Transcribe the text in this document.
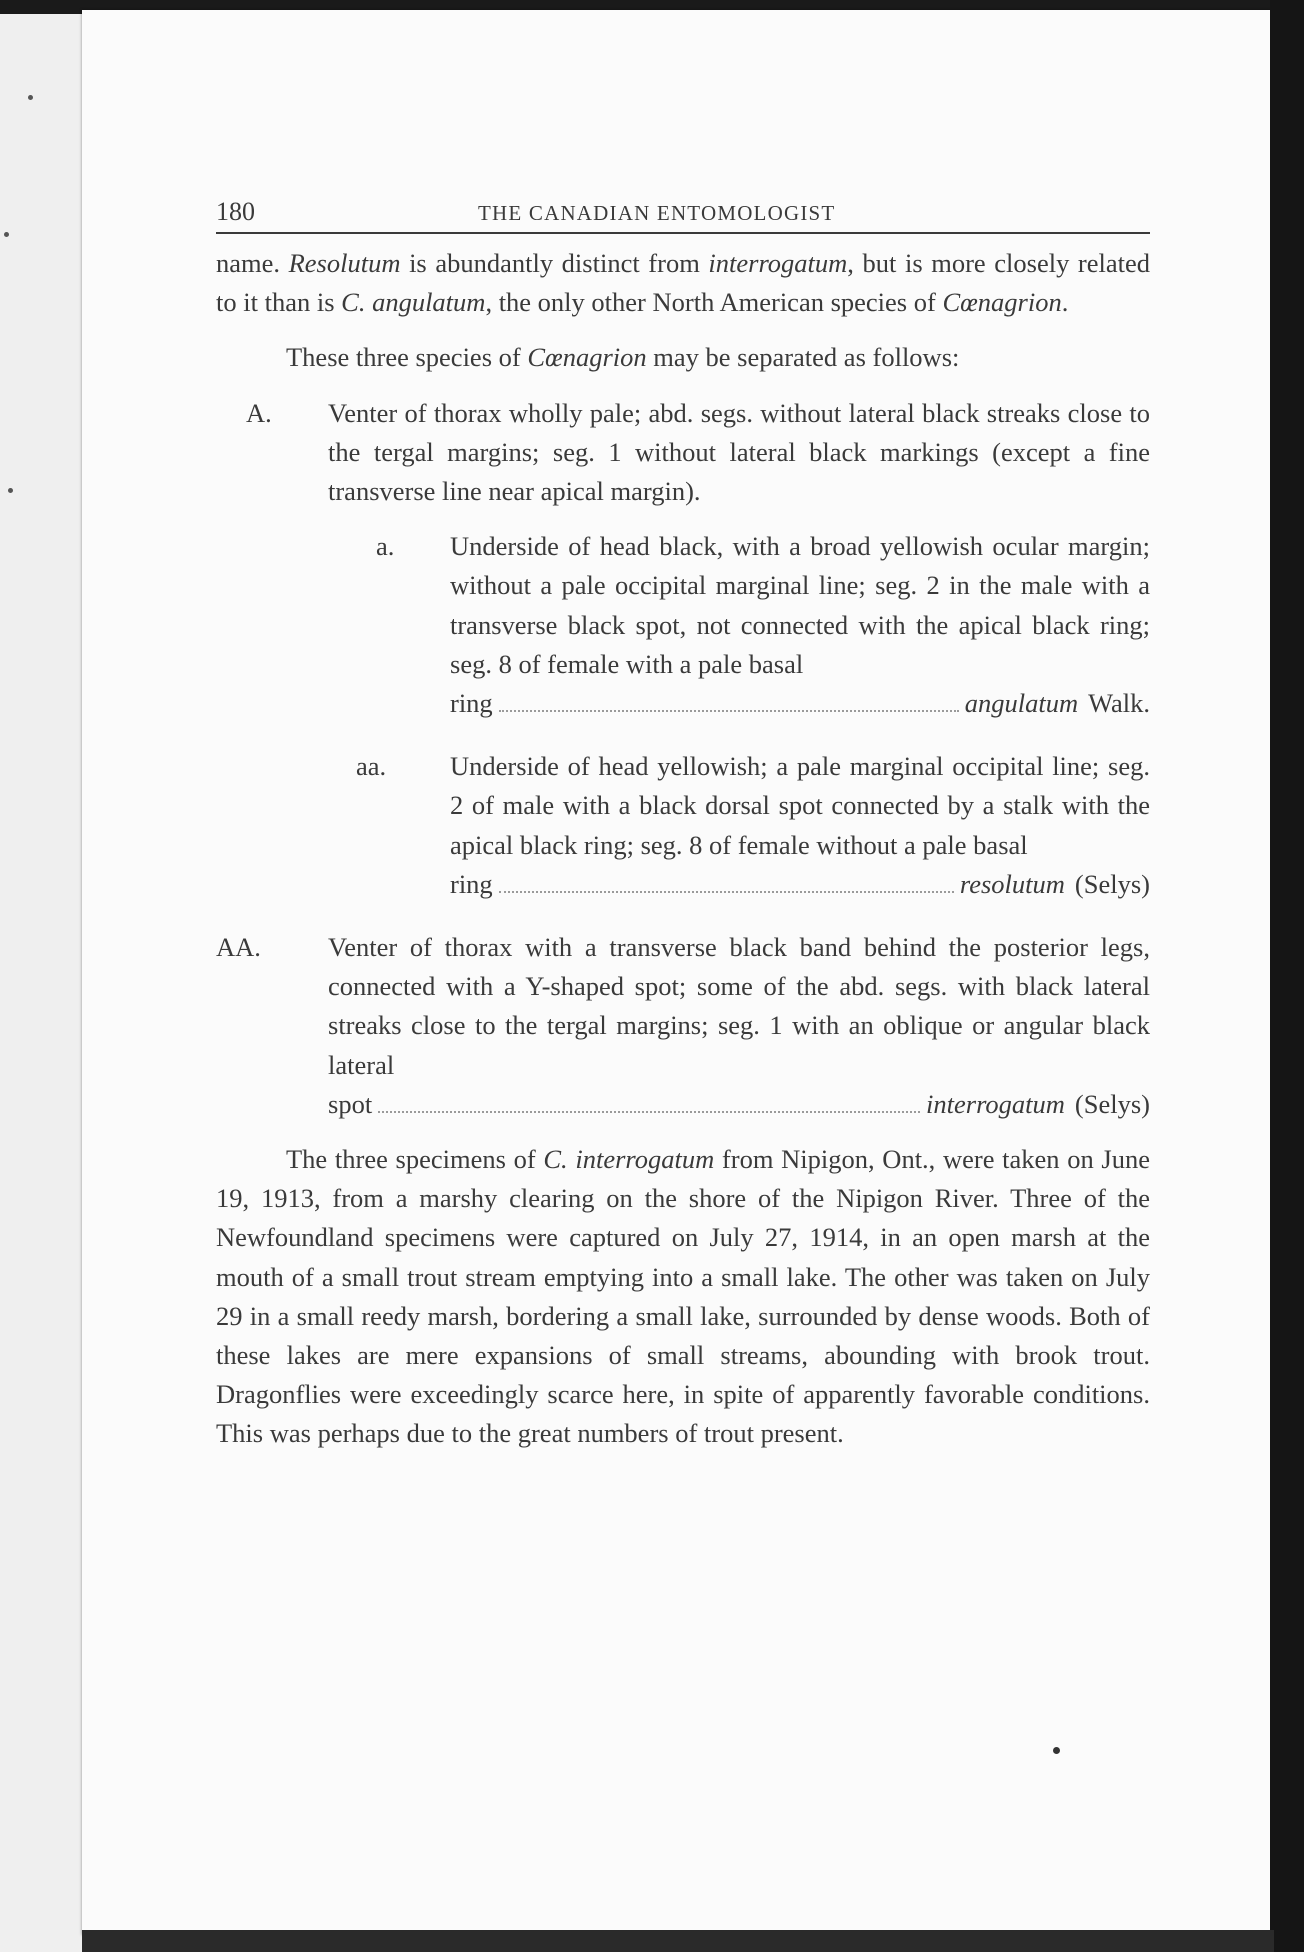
180	THE CANADIAN ENTOMOLOGIST

name. Resolutum is abundantly distinct from interrogatum, but is more closely related to it than is C. angulatum, the only other North American species of Cœnagrion.

These three species of Cœnagrion may be separated as follows:

A. Venter of thorax wholly pale; abd. segs. without lateral black streaks close to the tergal margins; seg. 1 without lateral black markings (except a fine transverse line near apical margin).
a. Underside of head black, with a broad yellowish ocular margin; without a pale occipital marginal line; seg. 2 in the male with a transverse black spot, not connected with the apical black ring; seg. 8 of female with a pale basal
ring	angulatum Walk.
aa. Underside of head yellowish; a pale marginal occipital line; seg. 2 of male with a black dorsal spot connected by a stalk with the apical black ring; seg. 8 of female without a pale basal
ring	resolutum (Selys)
AA.	Venter of thorax with a transverse black band behind the posterior legs, connected with a Y-shaped spot; some of the abd. segs. with black lateral streaks close to the tergal margins; seg. 1 with an oblique or angular black lateral
spot	interrogatum (Selys)

The three specimens of C. interrogatum from Nipigon, Ont., were taken on June 19, 1913, from a marshy clearing on the shore of the Nipigon River. Three of the Newfoundland specimens were captured on July 27, 1914, in an open marsh at the mouth of a small trout stream emptying into a small lake. The other was taken on July 29 in a small reedy marsh, bordering a small lake, surrounded by dense woods. Both of these lakes are mere expansions of small streams, abounding with brook trout. Dragonflies were exceedingly scarce here, in spite of apparently favorable conditions. This was perhaps due to the great numbers of trout present.
